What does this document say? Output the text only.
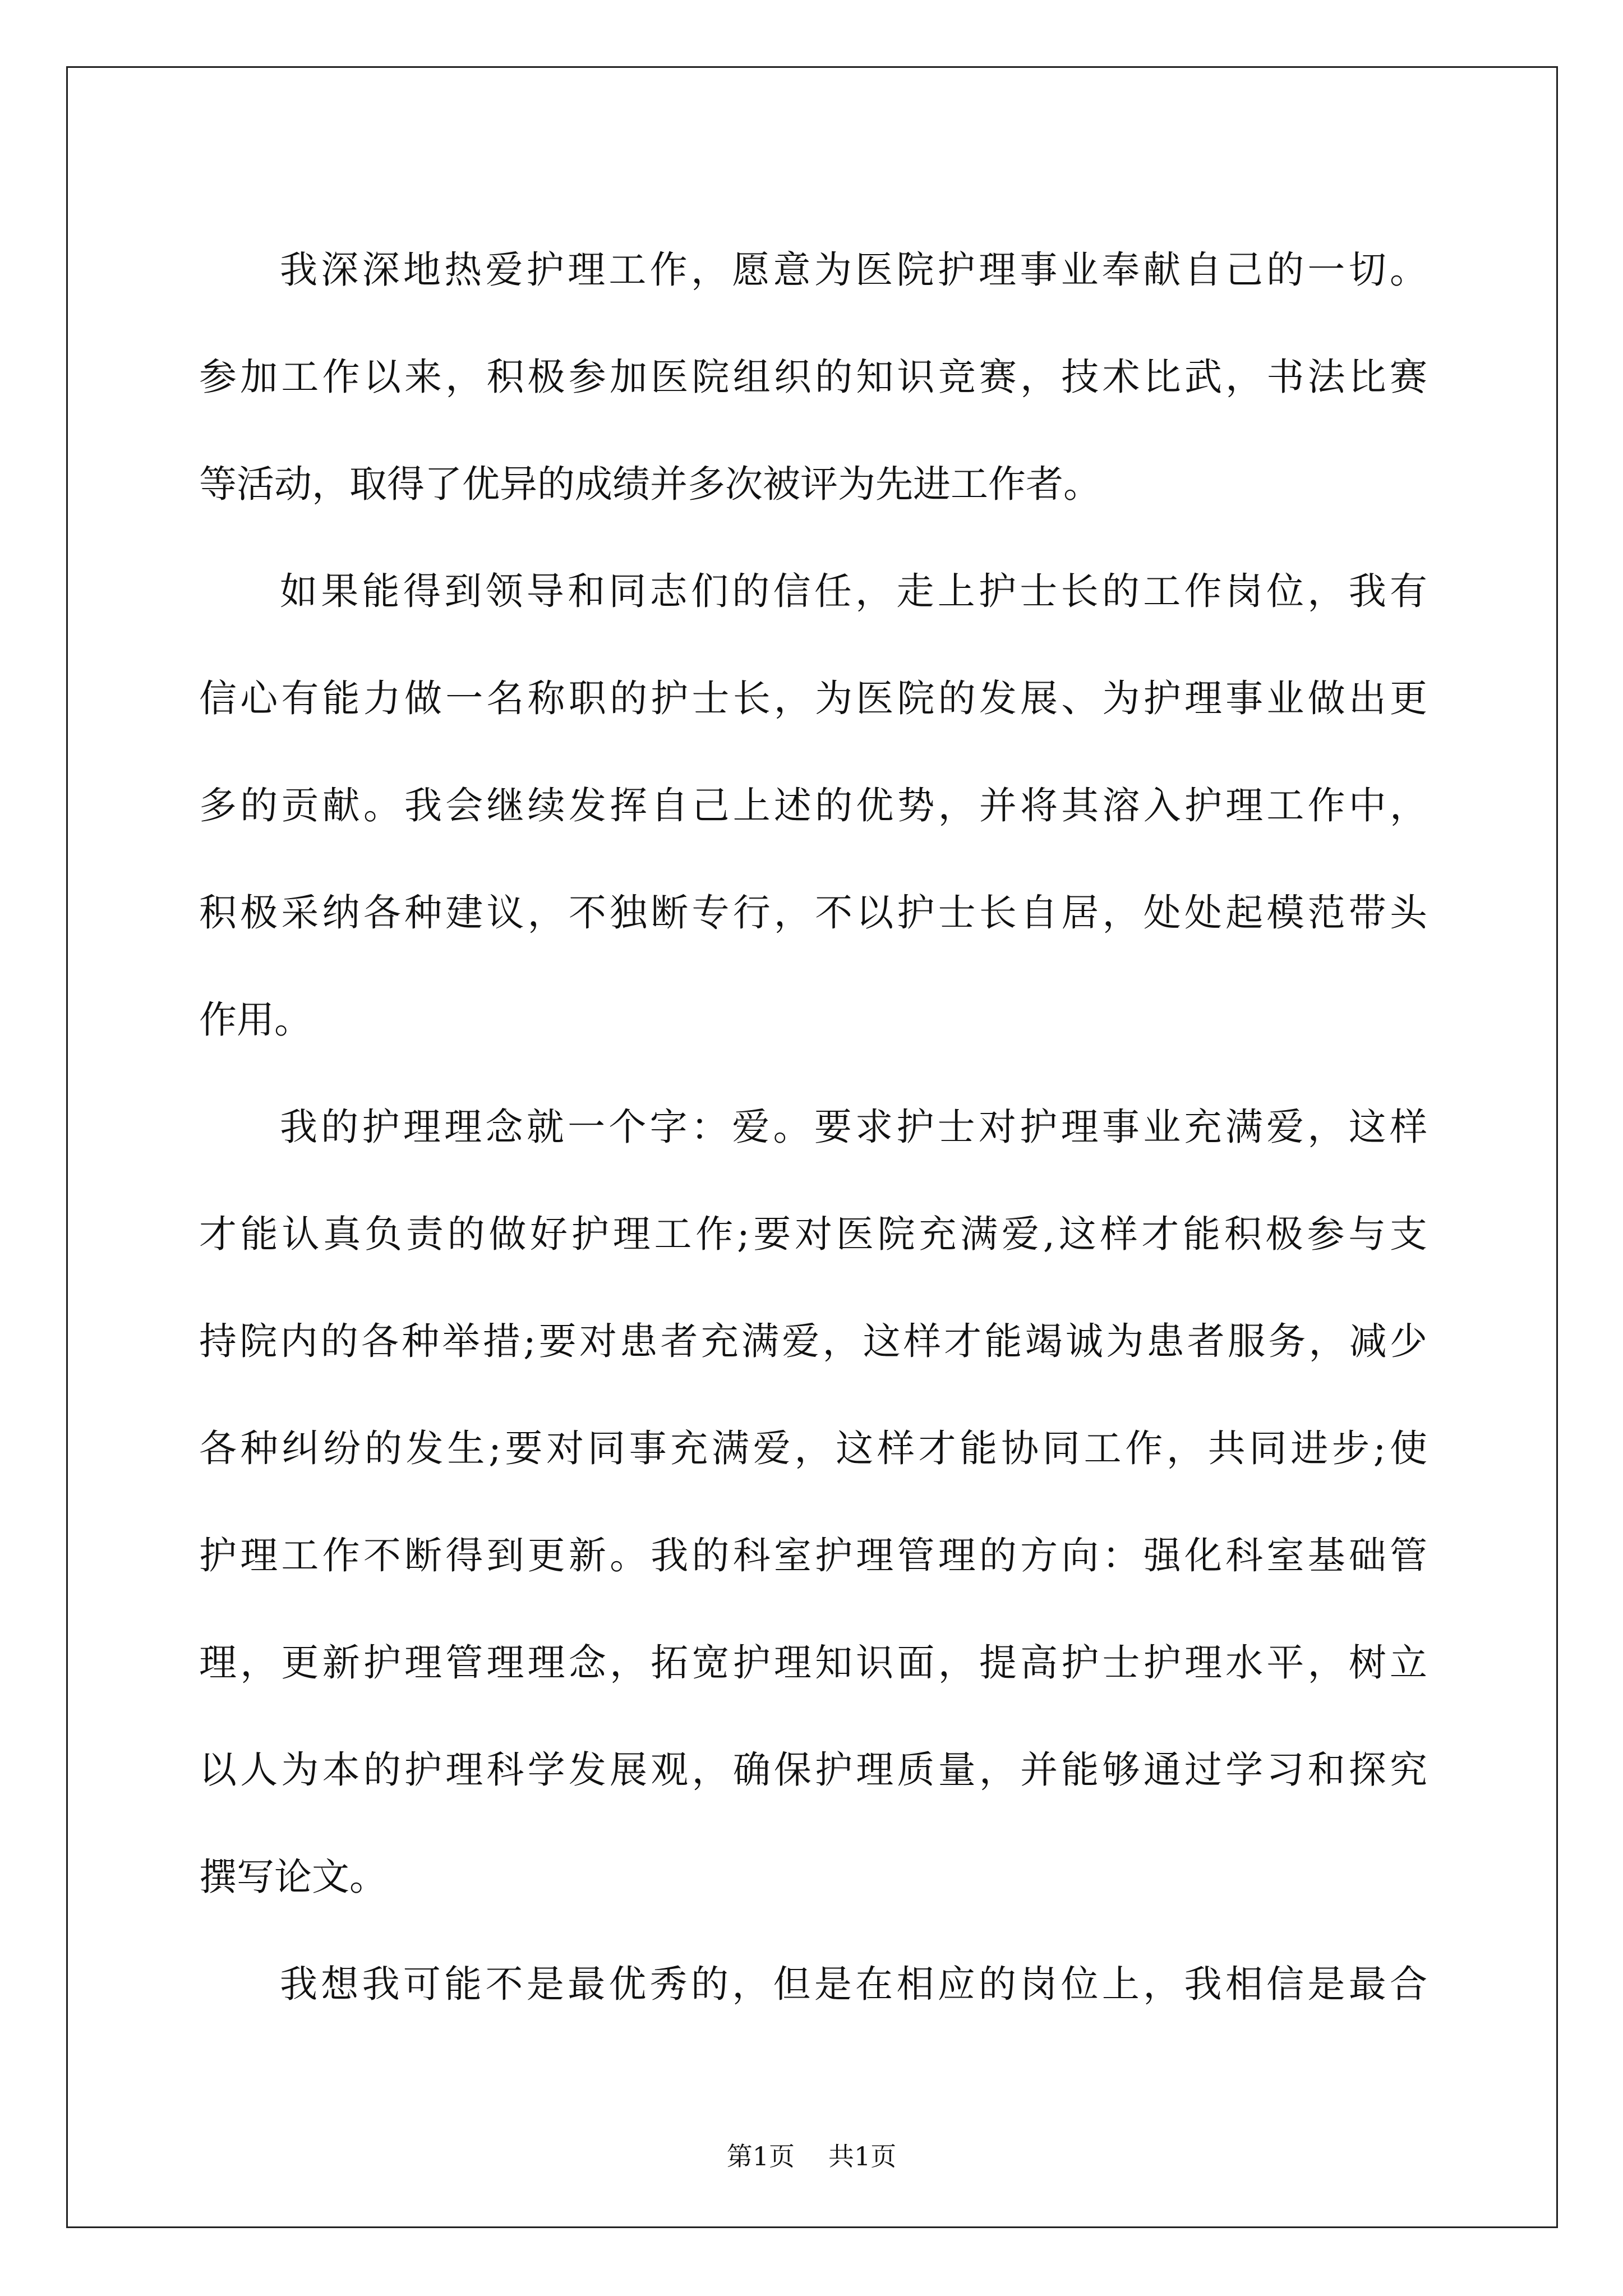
我深深地热爱护理工作，愿意为医院护理事业奉献自己的一切。
参加工作以来，积极参加医院组织的知识竞赛，技术比武，书法比赛
等活动，取得了优异的成绩并多次被评为先进工作者。
如果能得到领导和同志们的信任，走上护士长的工作岗位，我有
信心有能力做一名称职的护士长，为医院的发展、为护理事业做出更
多的贡献。我会继续发挥自己上述的优势，并将其溶入护理工作中，
积极采纳各种建议，不独断专行，不以护士长自居，处处起模范带头
作用。
我的护理理念就一个字：爱。要求护士对护理事业充满爱，这样
才能认真负责的做好护理工作;要对医院充满爱,这样才能积极参与支
持院内的各种举措;要对患者充满爱，这样才能竭诚为患者服务，减少
各种纠纷的发生;要对同事充满爱，这样才能协同工作，共同进步;使
护理工作不断得到更新。我的科室护理管理的方向：强化科室基础管
理，更新护理管理理念，拓宽护理知识面，提高护士护理水平，树立
以人为本的护理科学发展观，确保护理质量，并能够通过学习和探究
撰写论文。
我想我可能不是最优秀的，但是在相应的岗位上，我相信是最合
第1页 共1页
